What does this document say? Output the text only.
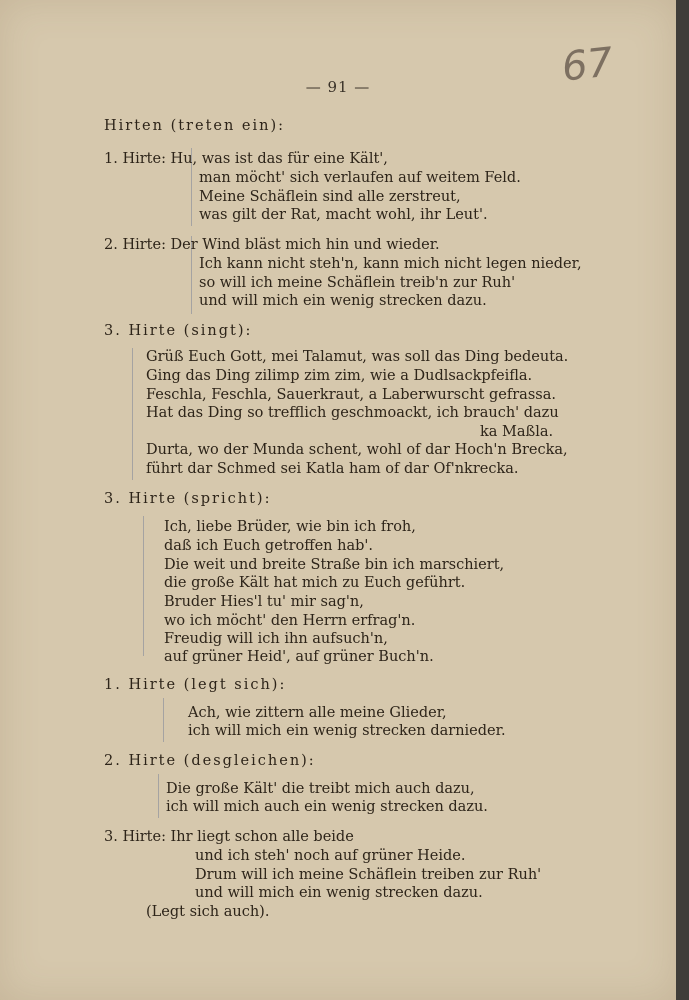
— 91 —	67
Hirten (treten ein):
1. Hirte: Hu, was ist das für eine Kält',
man möcht' sich verlaufen auf weitem Feld.
Meine Schäflein sind alle zerstreut,
was gilt der Rat, macht wohl, ihr Leut'.
2. Hirte: Der Wind bläst mich hin und wieder.
Ich kann nicht steh'n, kann mich nicht legen nieder,
so will ich meine Schäflein treib'n zur Ruh'
und will mich ein wenig strecken dazu.
3. Hirte (singt):
Grüß Euch Gott, mei Talamut, was soll das Ding bedeuta.
Ging das Ding zilimp zim zim, wie a Dudlsackpfeifla.
Feschla, Feschla, Sauerkraut, a Laberwurscht gefrassa.
Hat das Ding so trefflich geschmoackt, ich brauch' dazu
ka Maßla.
Durta, wo der Munda schent, wohl of dar Hoch'n Brecka,
führt dar Schmed sei Katla ham of dar Of'nkrecka.
3. Hirte (spricht):
Ich, liebe Brüder, wie bin ich froh,
daß ich Euch getroffen hab'.
Die weit und breite Straße bin ich marschiert,
die große Kält hat mich zu Euch geführt.
Bruder Hies'l tu' mir sag'n,
wo ich möcht' den Herrn erfrag'n.
Freudig will ich ihn aufsuch'n,
auf grüner Heid', auf grüner Buch'n.
1. Hirte (legt sich):
Ach, wie zittern alle meine Glieder,
ich will mich ein wenig strecken darnieder.
2. Hirte (desgleichen):
Die große Kält' die treibt mich auch dazu,
ich will mich auch ein wenig strecken dazu.
3. Hirte: Ihr liegt schon alle beide
und ich steh' noch auf grüner Heide.
Drum will ich meine Schäflein treiben zur Ruh'
und will mich ein wenig strecken dazu.
(Legt sich auch).
